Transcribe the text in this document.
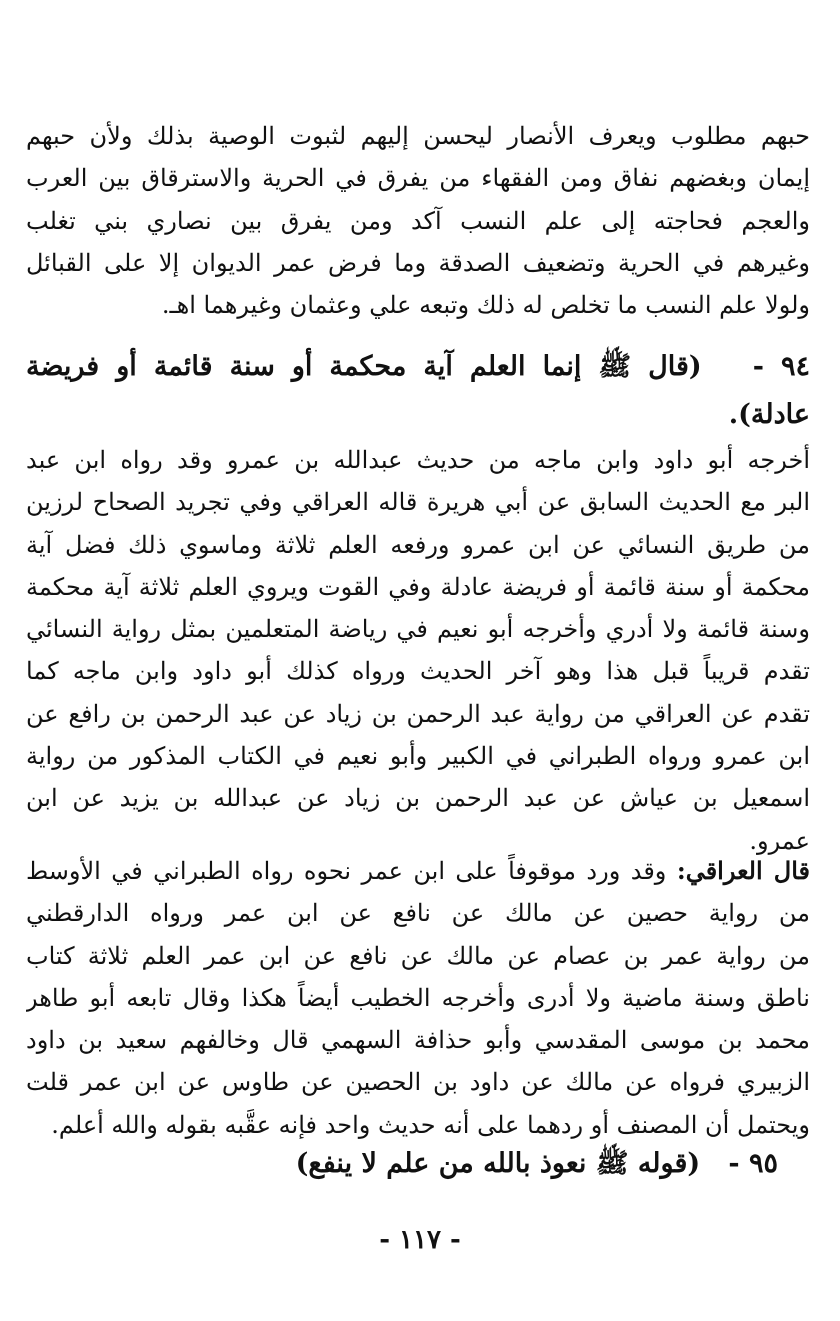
حبهم مطلوب ويعرف الأنصار ليحسن إليهم لثبوت الوصية بذلك ولأن حبهم
إيمان وبغضهم نفاق ومن الفقهاء من يفرق في الحرية والاسترقاق بين العرب
والعجم فحاجته إلى علم النسب آكد ومن يفرق بين نصاري بني تغلب
وغيرهم في الحرية وتضعيف الصدقة وما فرض عمر الديوان إلا على القبائل
ولولا علم النسب ما تخلص له ذلك وتبعه علي وعثمان وغيرهما اهـ.
٩٤ -   (قال ﷺ إنما العلم آية محكمة أو سنة قائمة أو فريضة
عادلة).
أخرجه أبو داود وابن ماجه من حديث عبدالله بن عمرو وقد رواه ابن عبد
البر مع الحديث السابق عن أبي هريرة قاله العراقي وفي تجريد الصحاح لرزين
من طريق النسائي عن ابن عمرو ورفعه العلم ثلاثة وماسوي ذلك فضل آية
محكمة أو سنة قائمة أو فريضة عادلة وفي القوت ويروي العلم ثلاثة آية محكمة
وسنة قائمة ولا أدري وأخرجه أبو نعيم في رياضة المتعلمين بمثل رواية النسائي
تقدم قريباً قبل هذا وهو آخر الحديث ورواه كذلك أبو داود وابن ماجه كما
تقدم عن العراقي من رواية عبد الرحمن بن زياد عن عبد الرحمن بن رافع عن
ابن عمرو ورواه الطبراني في الكبير وأبو نعيم في الكتاب المذكور من رواية
اسمعيل بن عياش عن عبد الرحمن بن زياد عن عبدالله بن يزيد عن ابن
عمرو.
قال العراقي: وقد ورد موقوفاً على ابن عمر نحوه رواه الطبراني في الأوسط
من رواية حصين عن مالك عن نافع عن ابن عمر ورواه الدارقطني
من رواية عمر بن عصام عن مالك عن نافع عن ابن عمر العلم ثلاثة كتاب
ناطق وسنة ماضية ولا أدرى وأخرجه الخطيب أيضاً هكذا وقال تابعه أبو طاهر
محمد بن موسى المقدسي وأبو حذافة السهمي قال وخالفهم سعيد بن داود
الزبيري فرواه عن مالك عن داود بن الحصين عن طاوس عن ابن عمر قلت
ويحتمل أن المصنف أو ردهما على أنه حديث واحد فإنه عقَّبه بقوله والله أعلم.
٩٥ -   (قوله ﷺ نعوذ بالله من علم لا ينفع)
- ١١٧ -
